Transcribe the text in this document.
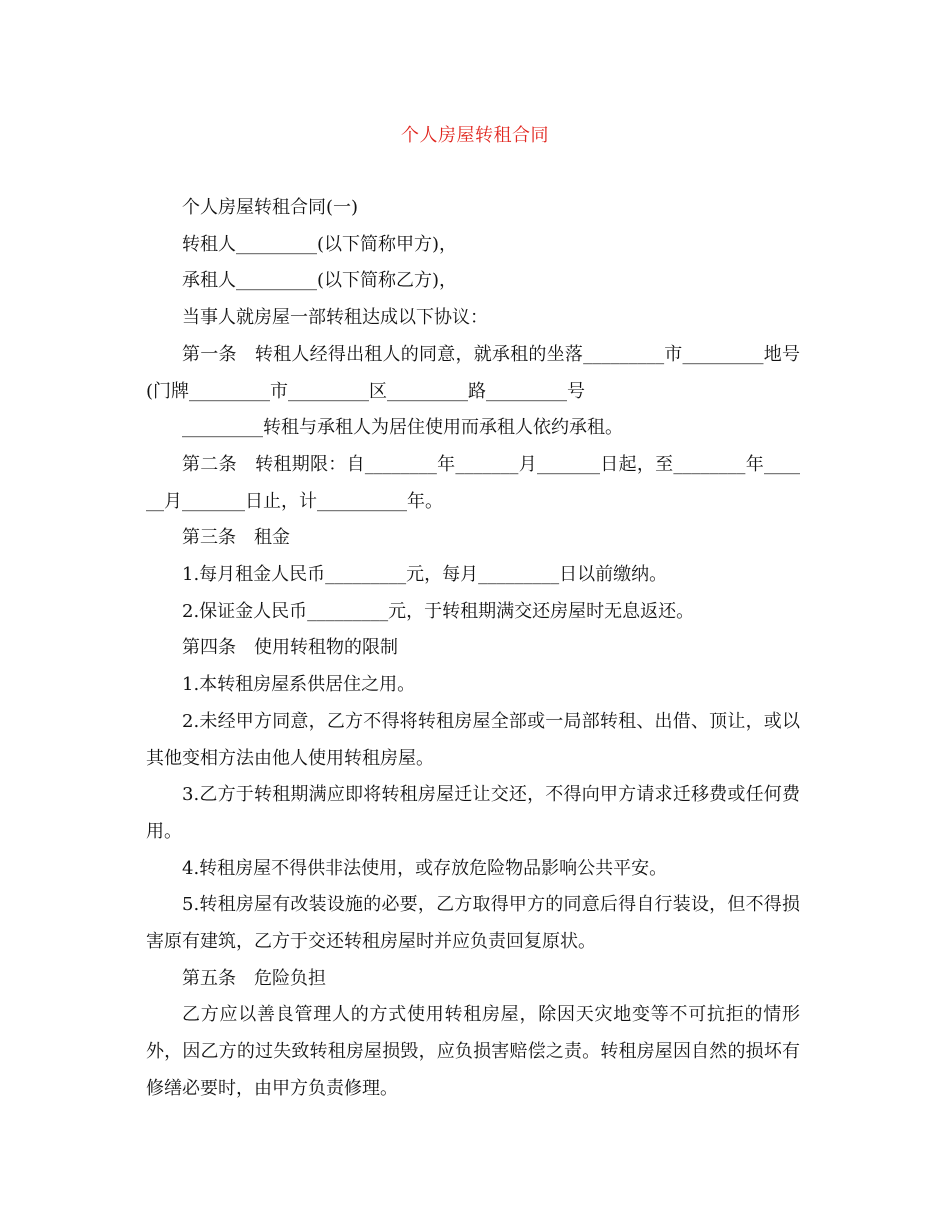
个人房屋转租合同

个人房屋转租合同(一)

转租人_________(以下简称甲方)，

承租人_________(以下简称乙方)，

当事人就房屋一部转租达成以下协议：

第一条　转租人经得出租人的同意，就承租的坐落_________市_________地号(门牌_________市_________区_________路_________号

_________转租与承租人为居住使用而承租人依约承租。

第二条　转租期限：自________年_______月_______日起，至________年______月_______日止，计__________年。

第三条　租金

1.每月租金人民币_________元，每月_________日以前缴纳。

2.保证金人民币_________元，于转租期满交还房屋时无息返还。

第四条　使用转租物的限制

1.本转租房屋系供居住之用。

2.未经甲方同意，乙方不得将转租房屋全部或一局部转租、出借、顶让，或以其他变相方法由他人使用转租房屋。

3.乙方于转租期满应即将转租房屋迁让交还，不得向甲方请求迁移费或任何费用。

4.转租房屋不得供非法使用，或存放危险物品影响公共平安。

5.转租房屋有改装设施的必要，乙方取得甲方的同意后得自行装设，但不得损害原有建筑，乙方于交还转租房屋时并应负责回复原状。

第五条　危险负担

乙方应以善良管理人的方式使用转租房屋，除因天灾地变等不可抗拒的情形外，因乙方的过失致转租房屋损毁，应负损害赔偿之责。转租房屋因自然的损坏有修缮必要时，由甲方负责修理。
